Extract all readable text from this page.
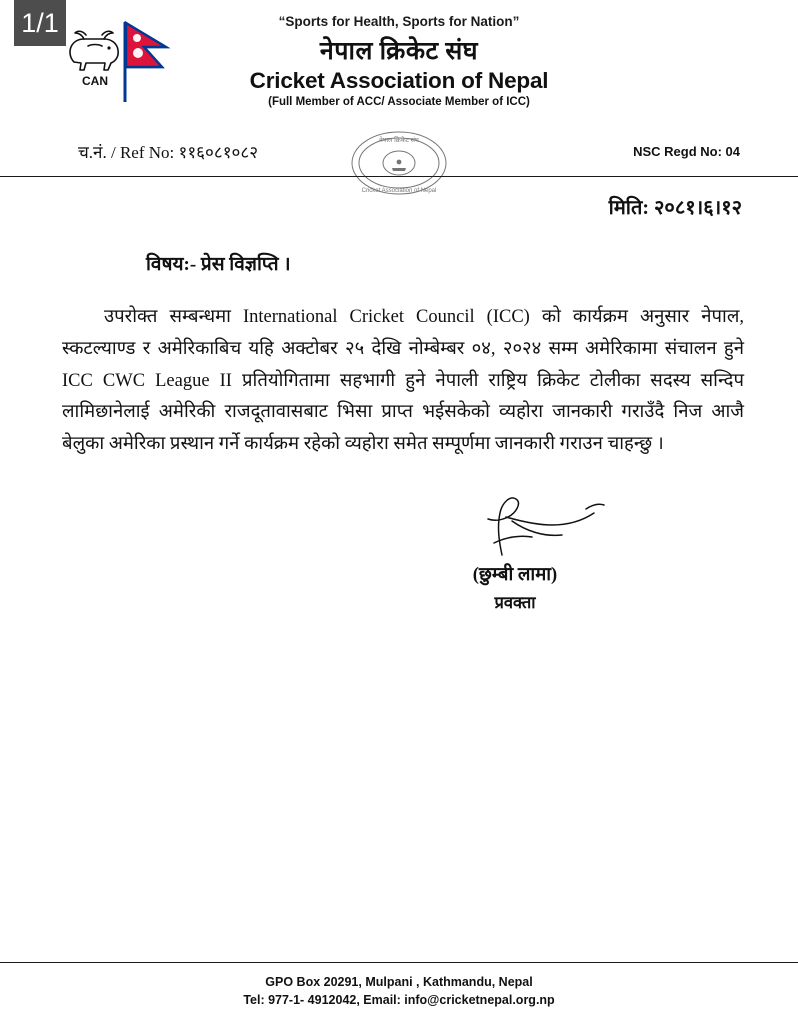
1/1
CAN
“Sports for Health, Sports for Nation”
नेपाल क्रिकेट संघ
Cricket Association of Nepal
(Full Member of ACC/ Associate Member of ICC)
च.नं. / Ref No: ११६०८१०८२
नेपाल क्रिकेट संघ
Cricket Association of Nepal
NSC Regd No: 04
मिति: २०८१।६।१२
विषय:- प्रेस विज्ञप्ति ।

उपरोक्त सम्बन्धमा International Cricket Council (ICC) को कार्यक्रम अनुसार नेपाल, स्कटल्याण्ड र अमेरिकाबिच यहि अक्टोबर २५ देखि नोम्बेम्बर ०४, २०२४ सम्म अमेरिकामा संचालन हुने ICC CWC League II प्रतियोगितामा सहभागी हुने नेपाली राष्ट्रिय क्रिकेट टोलीका सदस्य सन्दिप लामिछानेलाई अमेरिकी राजदूतावासबाट भिसा प्राप्त भईसकेको व्यहोरा जानकारी गराउँदै निज आजै बेलुका अमेरिका प्रस्थान गर्ने कार्यक्रम रहेको व्यहोरा समेत सम्पूर्णमा जानकारी गराउन चाहन्छु ।

(छुम्बी लामा)
प्रवक्ता
GPO Box 20291, Mulpani , Kathmandu, Nepal
Tel: 977-1- 4912042, Email: info@cricketnepal.org.np
